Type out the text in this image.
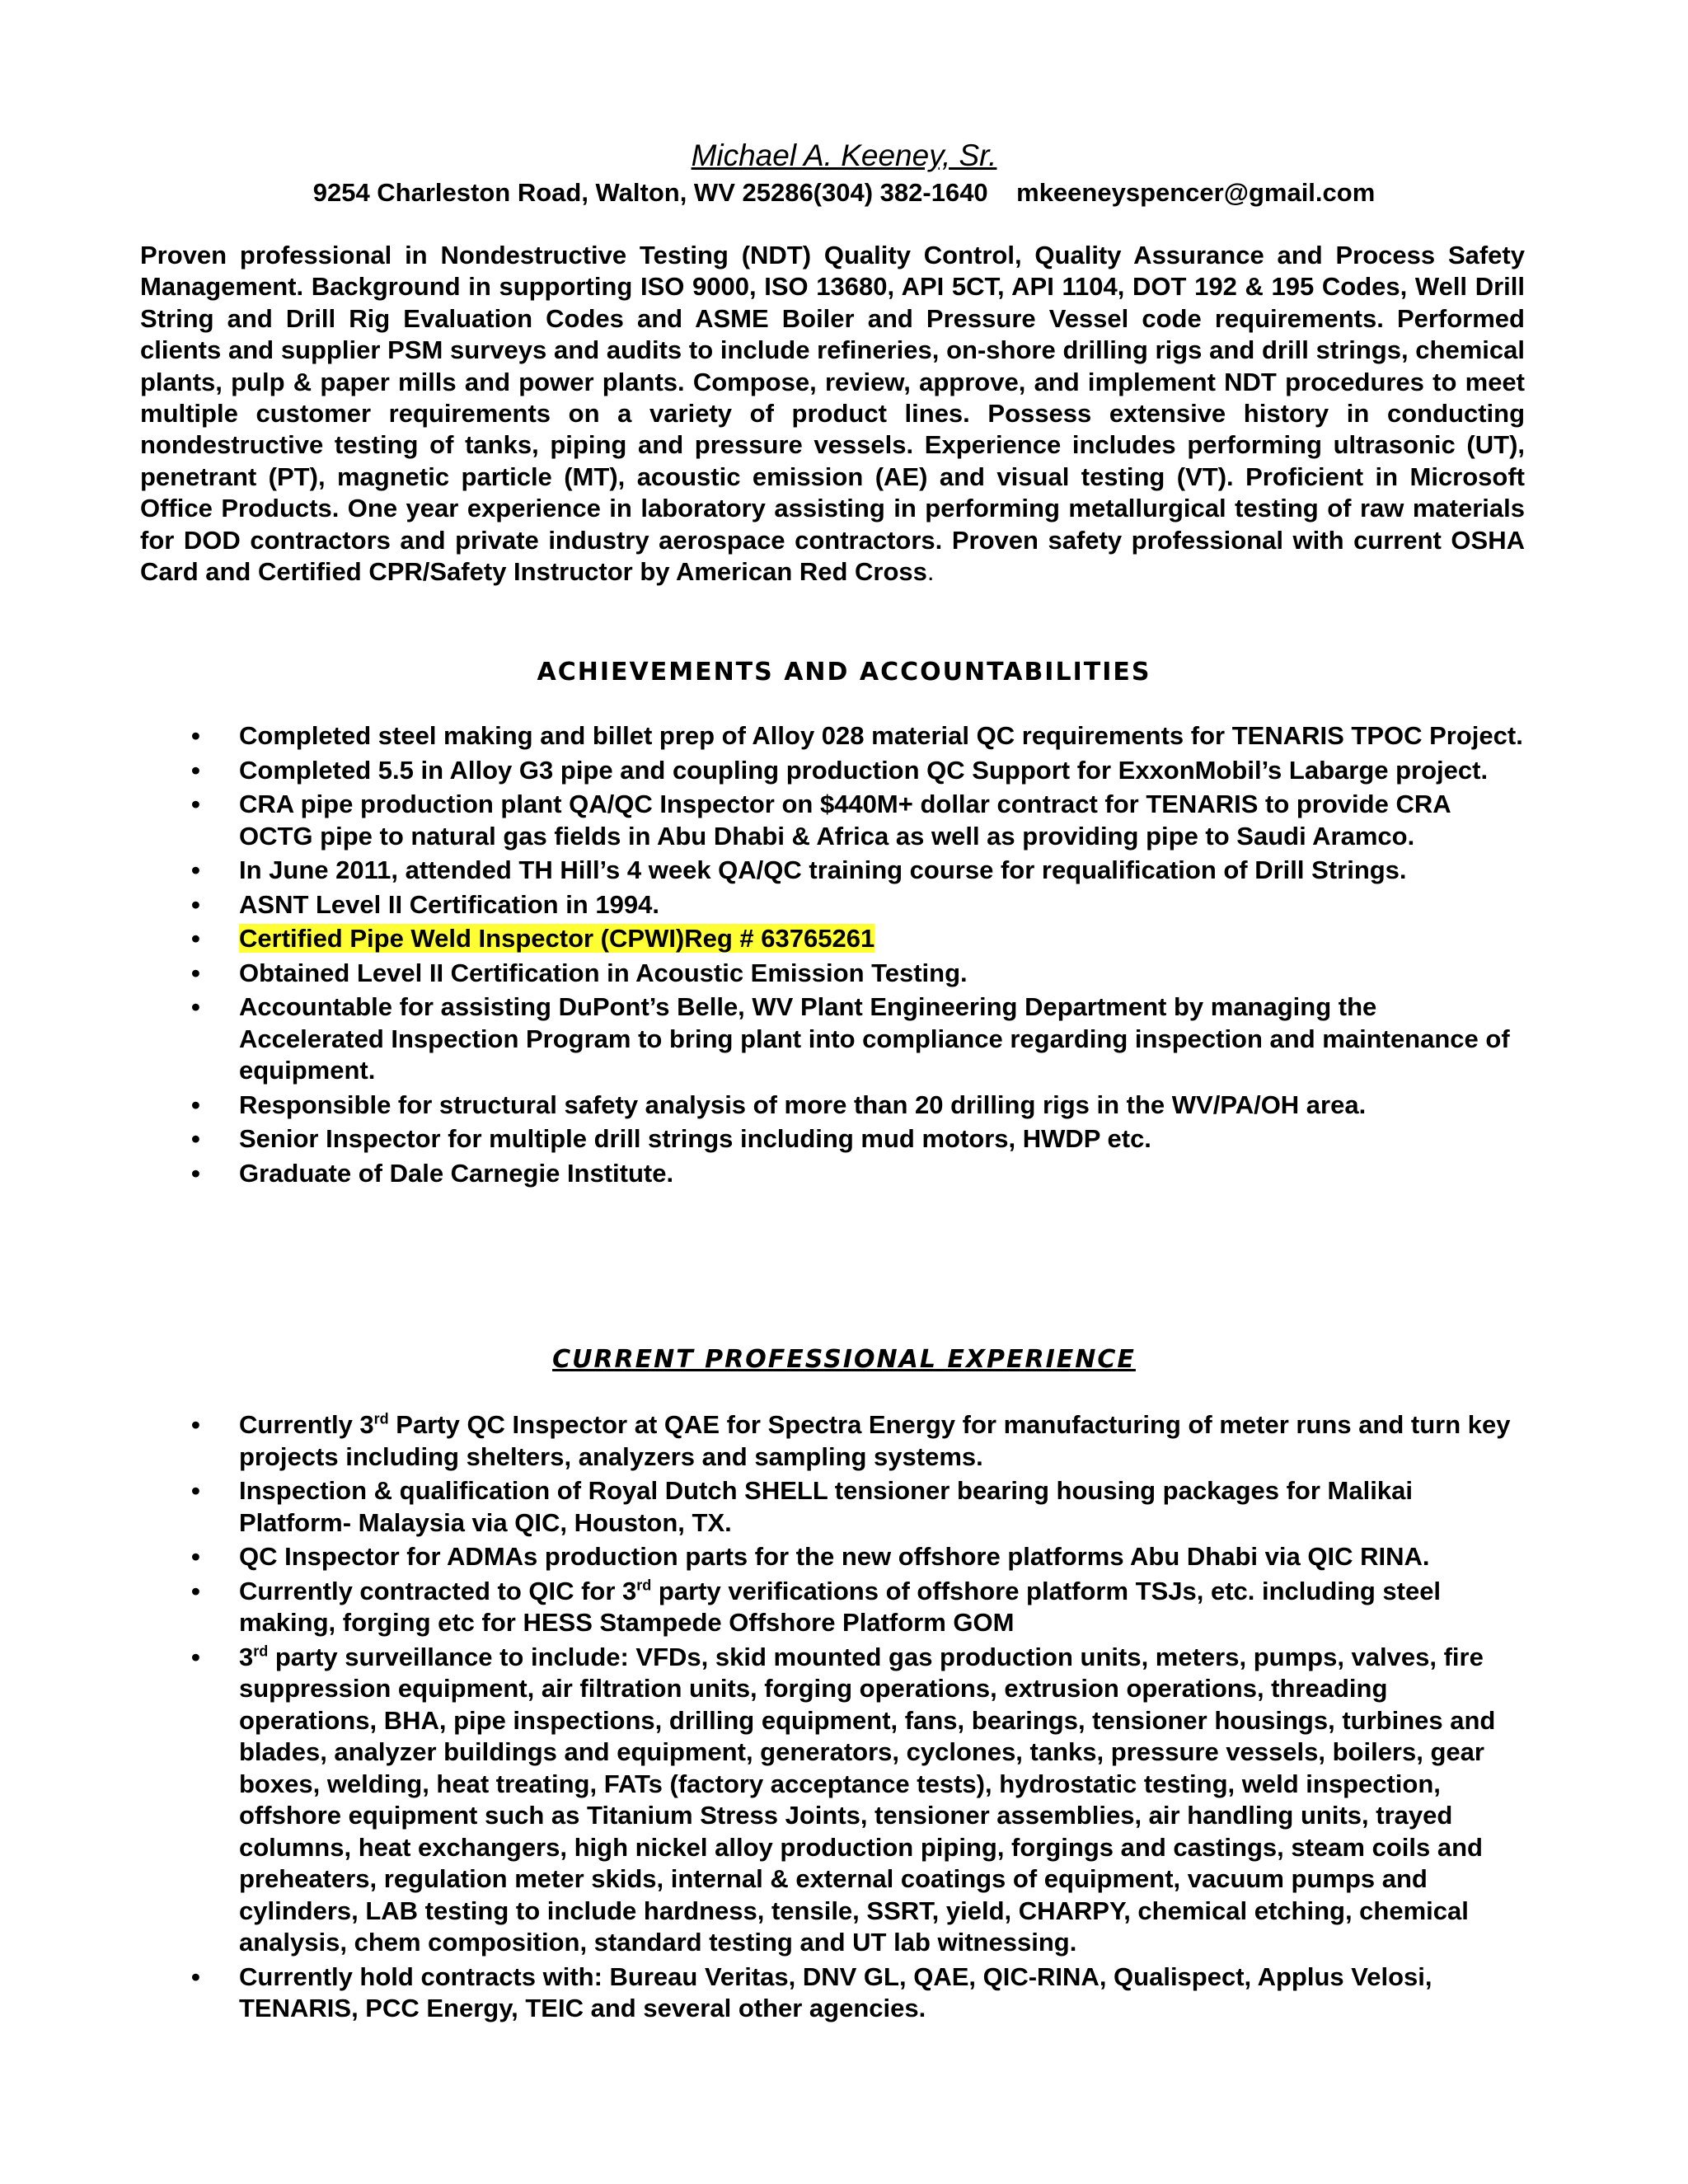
Michael A. Keeney, Sr.
9254 Charleston Road, Walton, WV 25286(304) 382-1640    mkeeneyspencer@gmail.com
Proven professional in Nondestructive Testing (NDT) Quality Control, Quality Assurance and Process Safety Management. Background in supporting ISO 9000, ISO 13680, API 5CT, API 1104, DOT 192 & 195 Codes, Well Drill String and Drill Rig Evaluation Codes and ASME Boiler and Pressure Vessel code requirements. Performed clients and supplier PSM surveys and audits to include refineries, on-shore drilling rigs and drill strings, chemical plants, pulp & paper mills and power plants. Compose, review, approve, and implement NDT procedures to meet multiple customer requirements on a variety of product lines. Possess extensive history in conducting nondestructive testing of tanks, piping and pressure vessels. Experience includes performing ultrasonic (UT), penetrant (PT), magnetic particle (MT), acoustic emission (AE) and visual testing (VT). Proficient in Microsoft Office Products. One year experience in laboratory assisting in performing metallurgical testing of raw materials for DOD contractors and private industry aerospace contractors. Proven safety professional with current OSHA Card and Certified CPR/Safety Instructor by American Red Cross.
ACHIEVEMENTS AND ACCOUNTABILITIES
• Completed steel making and billet prep of Alloy 028 material QC requirements for TENARIS TPOC Project.
• Completed 5.5 in Alloy G3 pipe and coupling production QC Support for ExxonMobil’s Labarge project.
• CRA pipe production plant QA/QC Inspector on $440M+ dollar contract for TENARIS to provide CRA OCTG pipe to natural gas fields in Abu Dhabi & Africa as well as providing pipe to Saudi Aramco.
• In June 2011, attended TH Hill’s 4 week QA/QC training course for requalification of Drill Strings.
• ASNT Level II Certification in 1994.
• Certified Pipe Weld Inspector (CPWI)Reg # 63765261
• Obtained Level II Certification in Acoustic Emission Testing.
• Accountable for assisting DuPont’s Belle, WV Plant Engineering Department by managing the Accelerated Inspection Program to bring plant into compliance regarding inspection and maintenance of equipment.
• Responsible for structural safety analysis of more than 20 drilling rigs in the WV/PA/OH area.
• Senior Inspector for multiple drill strings including mud motors, HWDP etc.
• Graduate of Dale Carnegie Institute.
CURRENT PROFESSIONAL EXPERIENCE
• Currently 3rd Party QC Inspector at QAE for Spectra Energy for manufacturing of meter runs and turn key projects including shelters, analyzers and sampling systems.
• Inspection & qualification of Royal Dutch SHELL tensioner bearing housing packages for Malikai Platform- Malaysia via QIC, Houston, TX.
• QC Inspector for ADMAs production parts for the new offshore platforms Abu Dhabi via QIC RINA.
• Currently contracted to QIC for 3rd party verifications of offshore platform TSJs, etc. including steel making, forging etc for HESS Stampede Offshore Platform GOM
• 3rd party surveillance to include: VFDs, skid mounted gas production units, meters, pumps, valves, fire suppression equipment, air filtration units, forging operations, extrusion operations, threading operations, BHA, pipe inspections, drilling equipment, fans, bearings, tensioner housings, turbines and blades, analyzer buildings and equipment, generators, cyclones, tanks, pressure vessels, boilers, gear boxes, welding, heat treating, FATs (factory acceptance tests), hydrostatic testing, weld inspection, offshore equipment such as Titanium Stress Joints, tensioner assemblies, air handling units, trayed columns, heat exchangers, high nickel alloy production piping, forgings and castings, steam coils and preheaters, regulation meter skids, internal & external coatings of equipment, vacuum pumps and cylinders, LAB testing to include hardness, tensile, SSRT, yield, CHARPY, chemical etching, chemical analysis, chem composition, standard testing and UT lab witnessing.
• Currently hold contracts with: Bureau Veritas, DNV GL, QAE, QIC-RINA, Qualispect, Applus Velosi, TENARIS, PCC Energy, TEIC and several other agencies.
